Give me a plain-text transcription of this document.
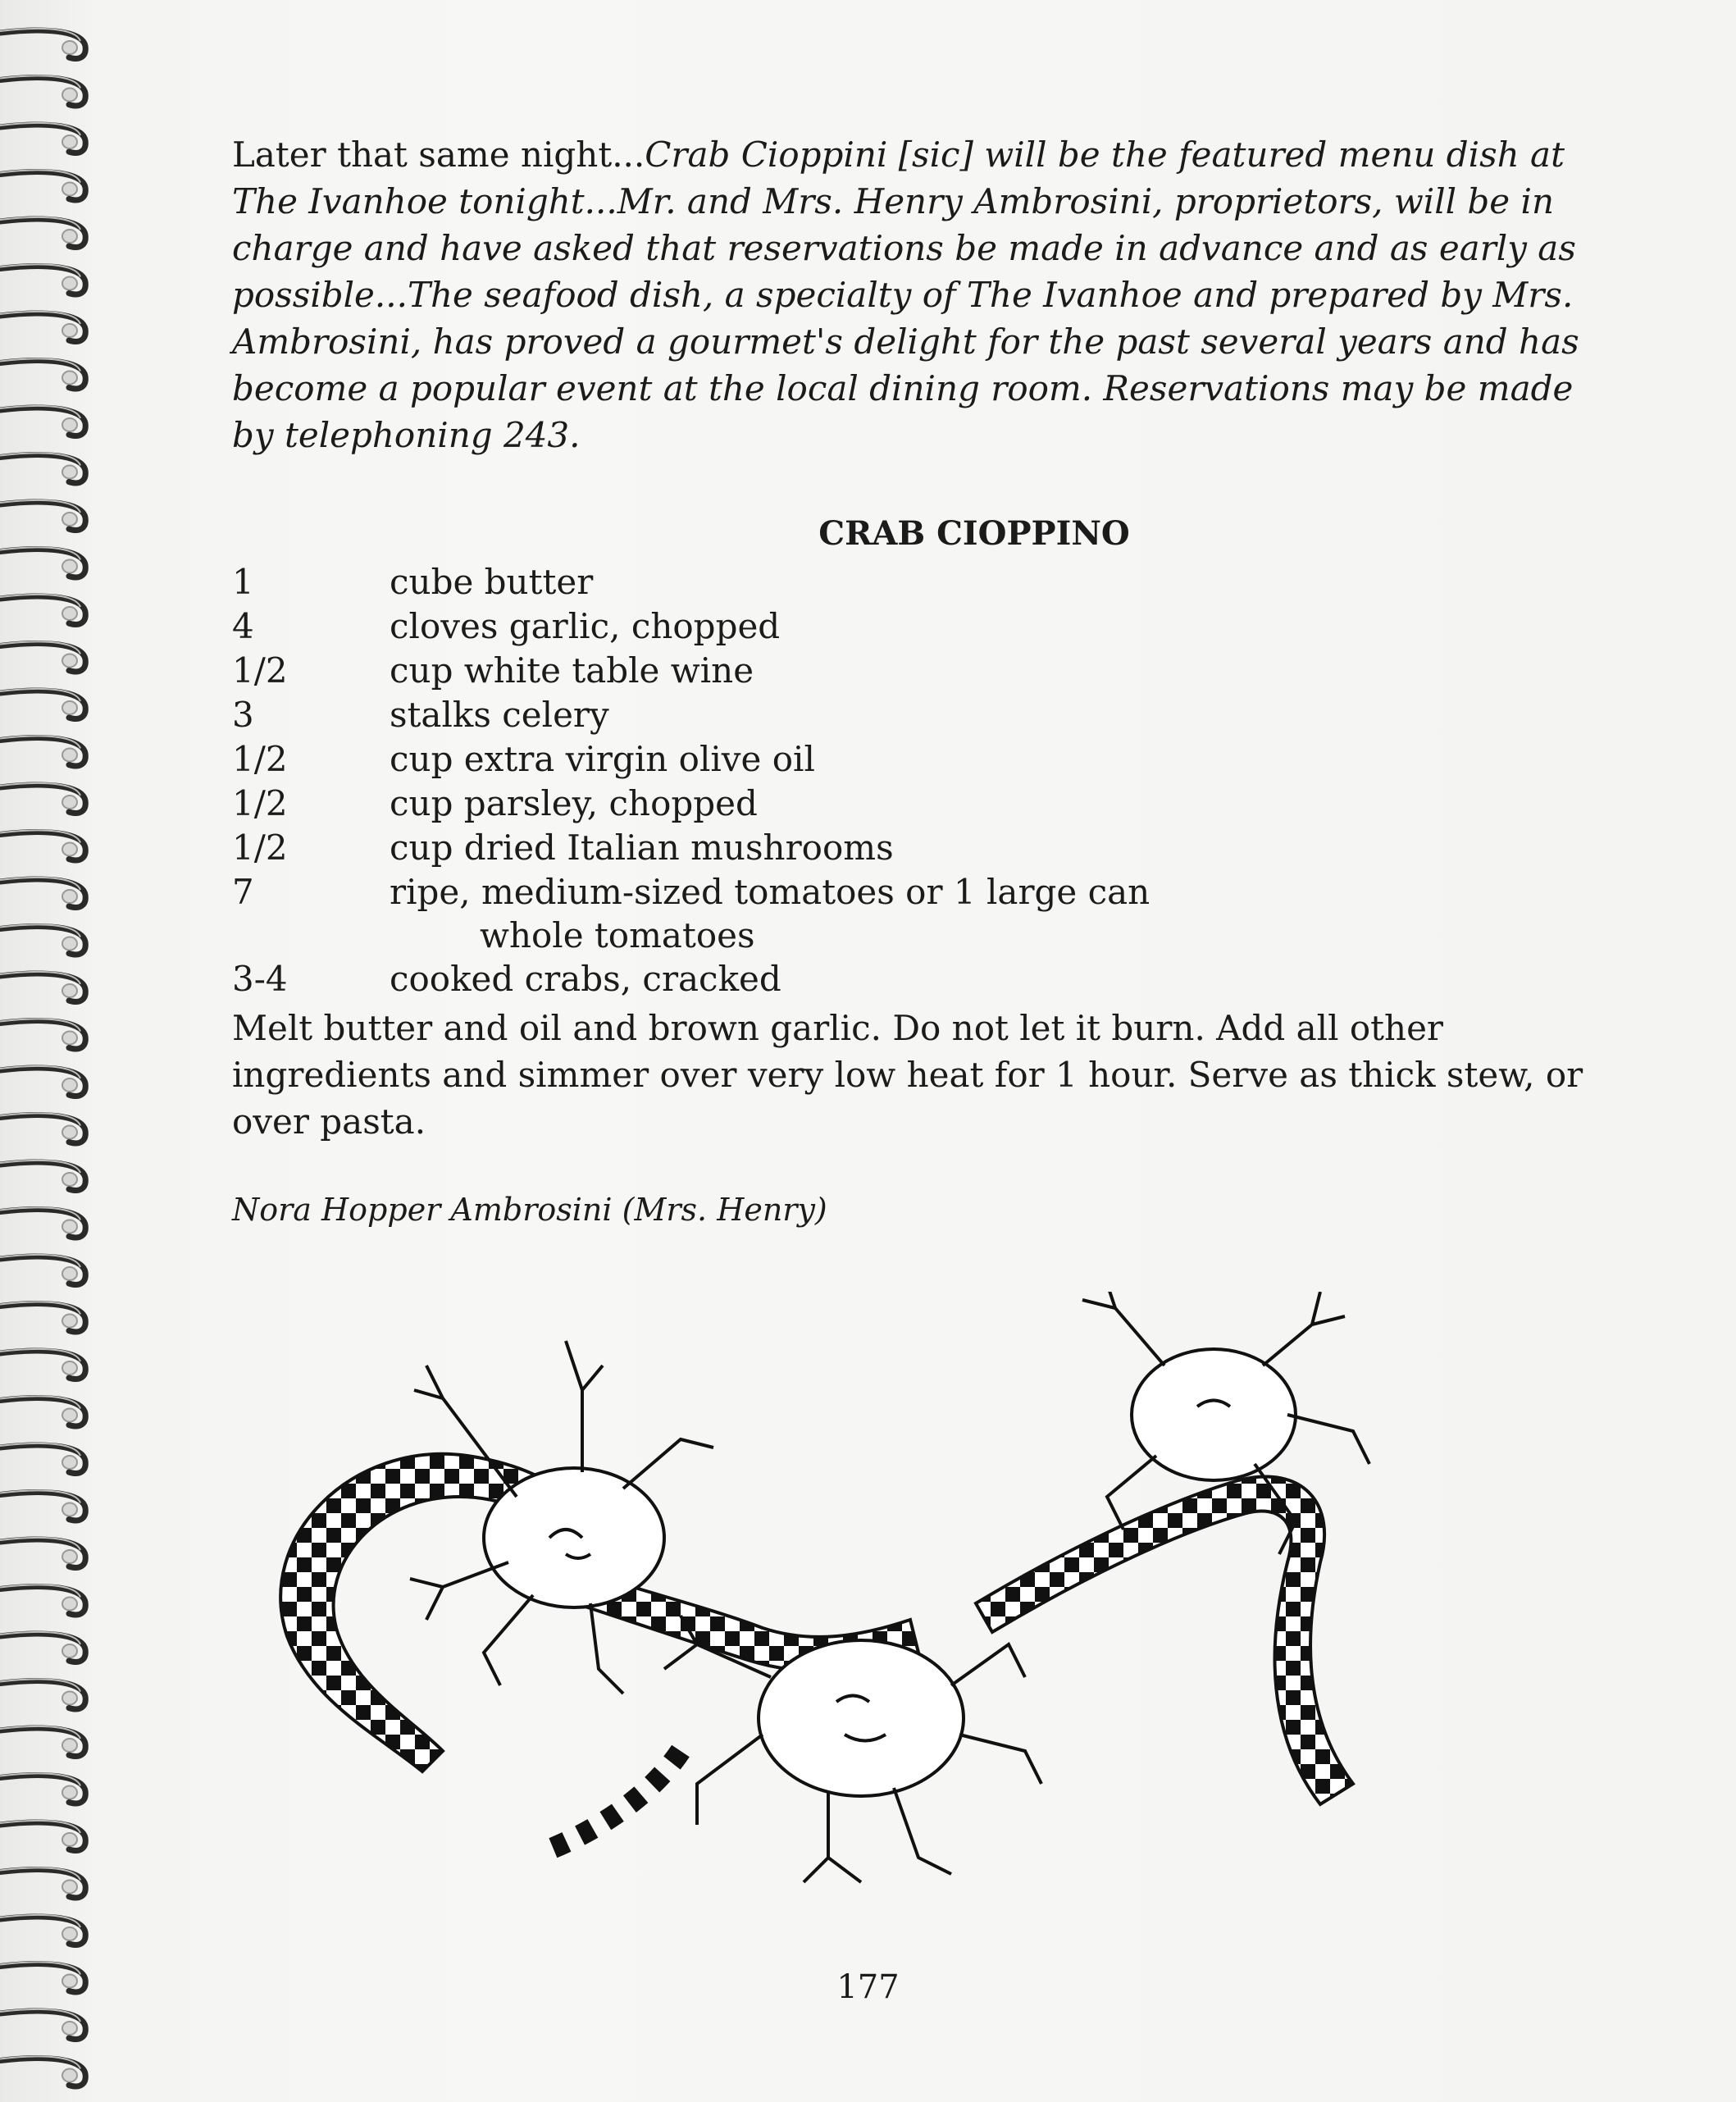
Later that same night...Crab Cioppini [sic] will be the featured menu dish at The Ivanhoe tonight...Mr. and Mrs. Henry Ambrosini, proprietors, will be in charge and have asked that reservations be made in advance and as early as possible...The seafood dish, a specialty of The Ivanhoe and prepared by Mrs. Ambrosini, has proved a gourmet's delight for the past several years and has become a popular event at the local dining room. Reservations may be made by telephoning 243.

CRAB CIOPPINO
1	cube butter
4	cloves garlic, chopped
1/2	cup white table wine
3	stalks celery
1/2	cup extra virgin olive oil
1/2	cup parsley, chopped
1/2	cup dried Italian mushrooms
7	ripe, medium-sized tomatoes or 1 large can
whole tomatoes
3-4	cooked crabs, cracked

Melt butter and oil and brown garlic. Do not let it burn. Add all other ingredients and simmer over very low heat for 1 hour. Serve as thick stew, or over pasta.

Nora Hopper Ambrosini (Mrs. Henry)
177
